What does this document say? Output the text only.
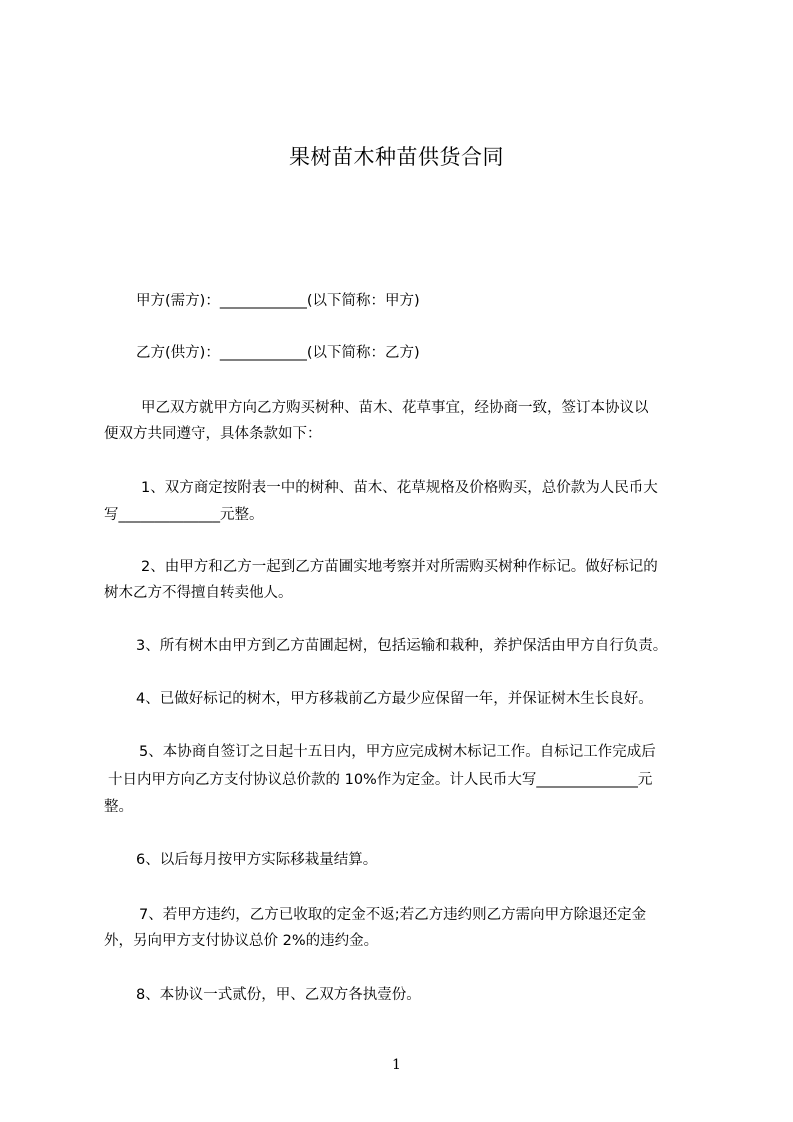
果树苗木种苗供货合同
甲方(需方)：____________(以下简称：甲方)
乙方(供方)：____________(以下简称：乙方)
甲乙双方就甲方向乙方购买树种、苗木、花草事宜，经协商一致，签订本协议以
便双方共同遵守，具体条款如下：
1、双方商定按附表一中的树种、苗木、花草规格及价格购买，总价款为人民币大
写______________元整。
2、由甲方和乙方一起到乙方苗圃实地考察并对所需购买树种作标记。做好标记的
树木乙方不得擅自转卖他人。
3、所有树木由甲方到乙方苗圃起树，包括运输和栽种，养护保活由甲方自行负责。
4、已做好标记的树木，甲方移栽前乙方最少应保留一年，并保证树木生长良好。
5、本协商自签订之日起十五日内，甲方应完成树木标记工作。自标记工作完成后
十日内甲方向乙方支付协议总价款的 10%作为定金。计人民币大写______________元
整。
6、以后每月按甲方实际移栽量结算。
7、若甲方违约，乙方已收取的定金不返;若乙方违约则乙方需向甲方除退还定金
外，另向甲方支付协议总价 2%的违约金。
8、本协议一式贰份，甲、乙双方各执壹份。
1
